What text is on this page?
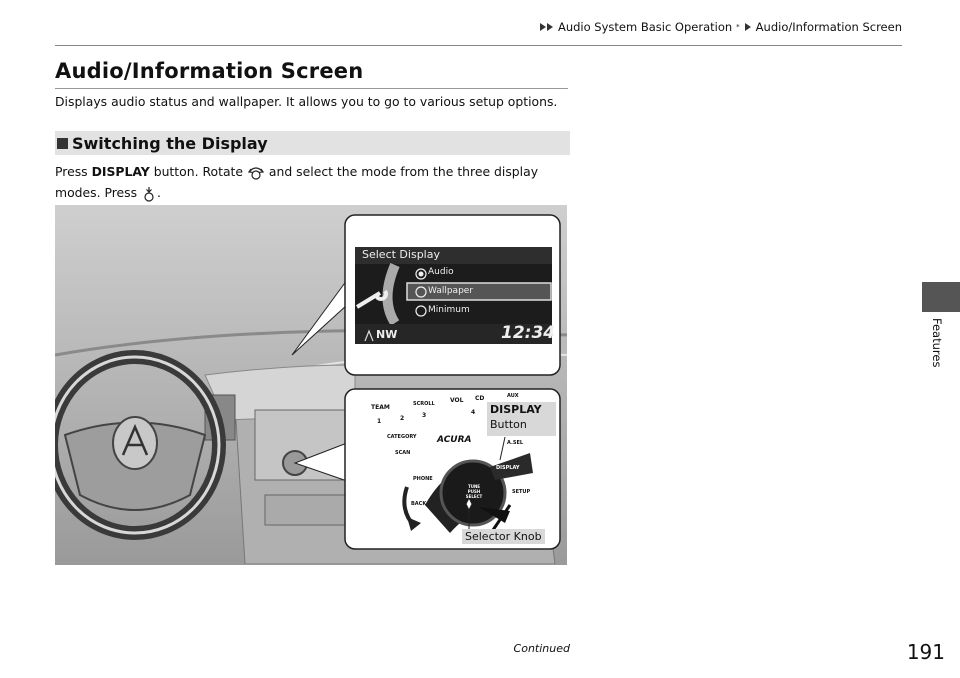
Audio System Basic Operation * Audio/Information Screen
Audio/Information Screen
Displays audio status and wallpaper. It allows you to go to various setup options.
Switching the Display
Press DISPLAY button. Rotate and select the mode from the three display
modes. Press .
Select Display
Audio
Wallpaper
Minimum
NW	12:34
TEAM
1	2	3
SCROLL	VOL
4
CD	AUX
CATEGORY ACURA	A.SEL
SCAN
DISPLAY
PHONE
SETUP
BACK
TUNE PUSH SELECT
DISPLAY
Button
Selector Knob
Features
Continued	191
